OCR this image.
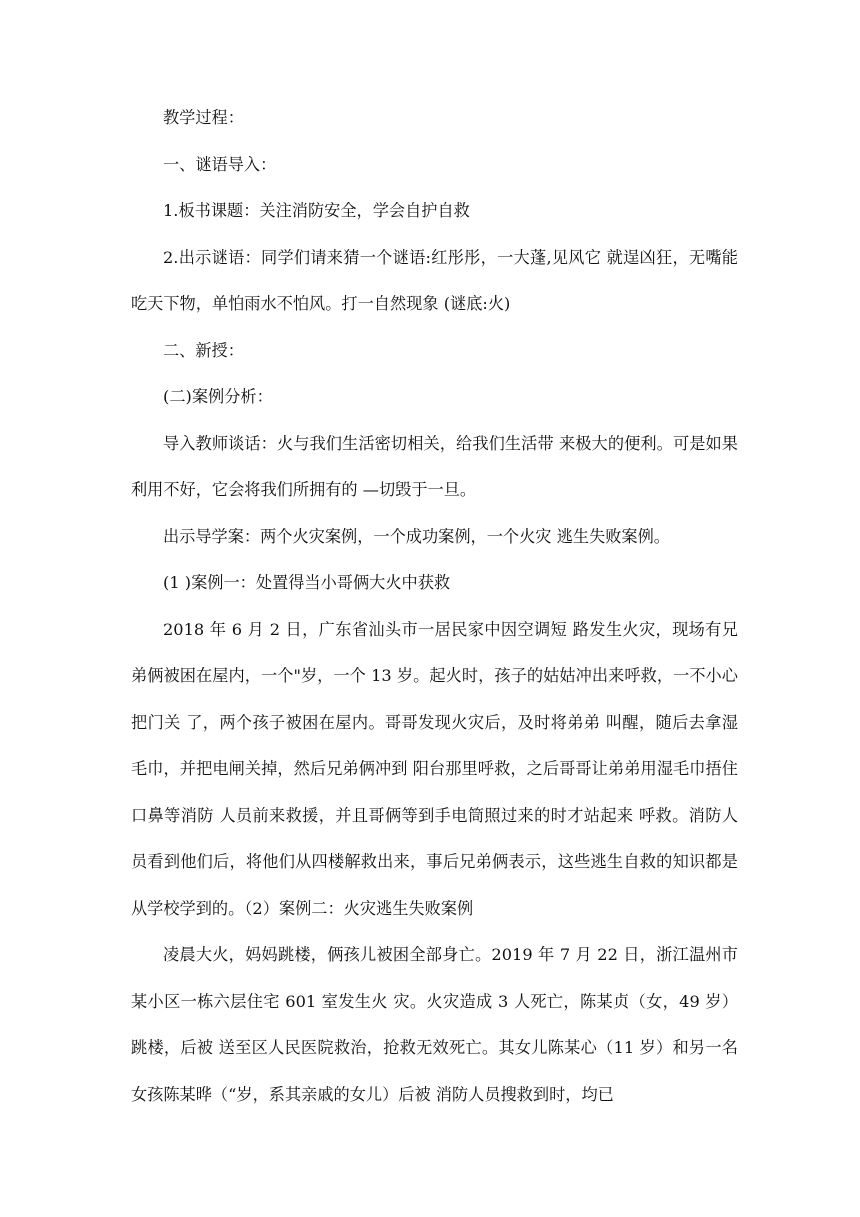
教学过程：

一、谜语导入：

1.板书课题：关注消防安全，学会自护自救

2.出示谜语：同学们请来猜一个谜语:红彤彤，一大蓬,见风它 就逞凶狂，无嘴能吃天下物，单怕雨水不怕风。打一自然现象 (谜底:火)

二、新授：

(二)案例分析：

导入教师谈话：火与我们生活密切相关，给我们生活带 来极大的便利。可是如果利用不好，它会将我们所拥有的 —切毁于一旦。

出示导学案：两个火灾案例，一个成功案例，一个火灾 逃生失败案例。

(1 )案例一：处置得当小哥俩大火中获救

2018 年 6 月 2 日，广东省汕头市一居民家中因空调短 路发生火灾，现场有兄弟俩被困在屋内，一个"岁，一个 13 岁。起火时，孩子的姑姑冲出来呼救，一不小心把门关 了，两个孩子被困在屋内。哥哥发现火灾后，及时将弟弟 叫醒，随后去拿湿毛巾，并把电闸关掉，然后兄弟俩冲到 阳台那里呼救，之后哥哥让弟弟用湿毛巾捂住口鼻等消防 人员前来救援，并且哥俩等到手电筒照过来的时才站起来 呼救。消防人员看到他们后，将他们从四楼解救出来，事后兄弟俩表示，这些逃生自救的知识都是从学校学到的。（2）案例二：火灾逃生失败案例

凌晨大火，妈妈跳楼，俩孩儿被困全部身亡。2019 年 7 月 22 日，浙江温州市某小区一栋六层住宅 601 室发生火 灾。火灾造成 3 人死亡，陈某贞（女，49 岁）跳楼，后被 送至区人民医院救治，抢救无效死亡。其女儿陈某心（11 岁）和另一名女孩陈某晔（“岁，系其亲戚的女儿）后被 消防人员搜救到时，均已
